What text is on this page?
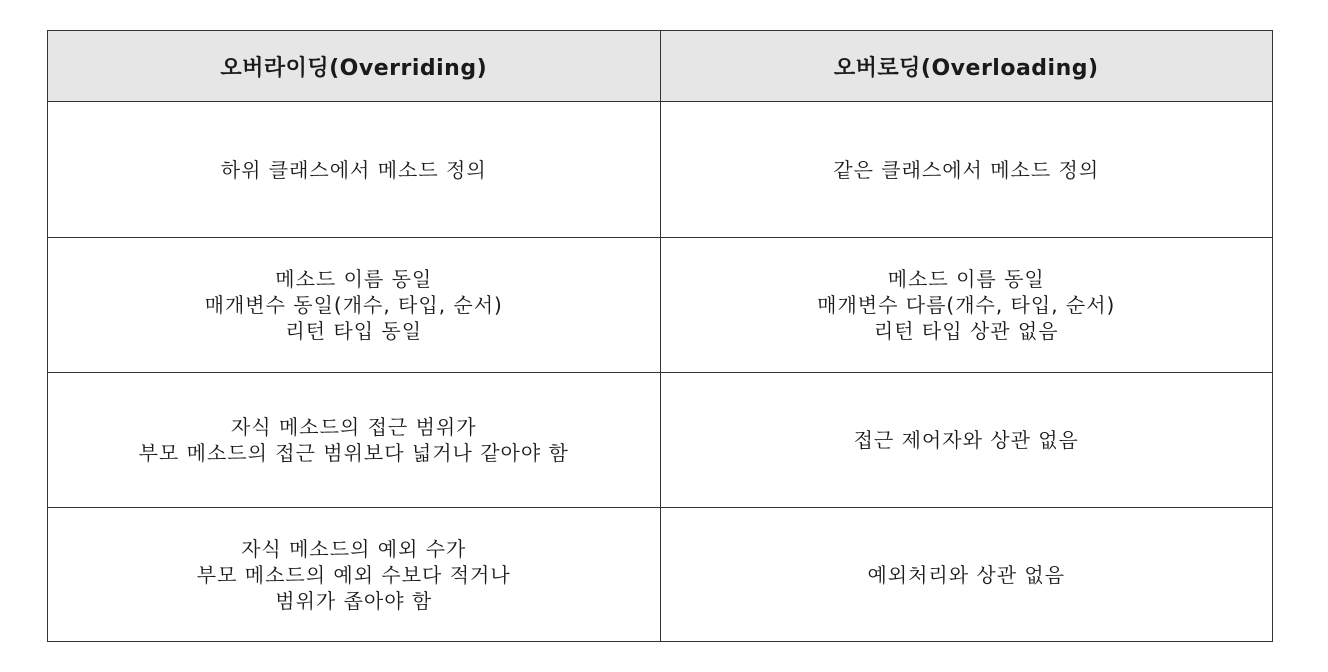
오버라이딩(Overriding)	오버로딩(Overloading)

하위 클래스에서 메소드 정의	같은 클래스에서 메소드 정의

메소드 이름 동일
매개변수 동일(개수, 타입, 순서)
리턴 타입 동일	메소드 이름 동일
매개변수 다름(개수, 타입, 순서)
리턴 타입 상관 없음

자식 메소드의 접근 범위가
부모 메소드의 접근 범위보다 넓거나 같아야 함	접근 제어자와 상관 없음

자식 메소드의 예외 수가
부모 메소드의 예외 수보다 적거나
범위가 좁아야 함	예외처리와 상관 없음
